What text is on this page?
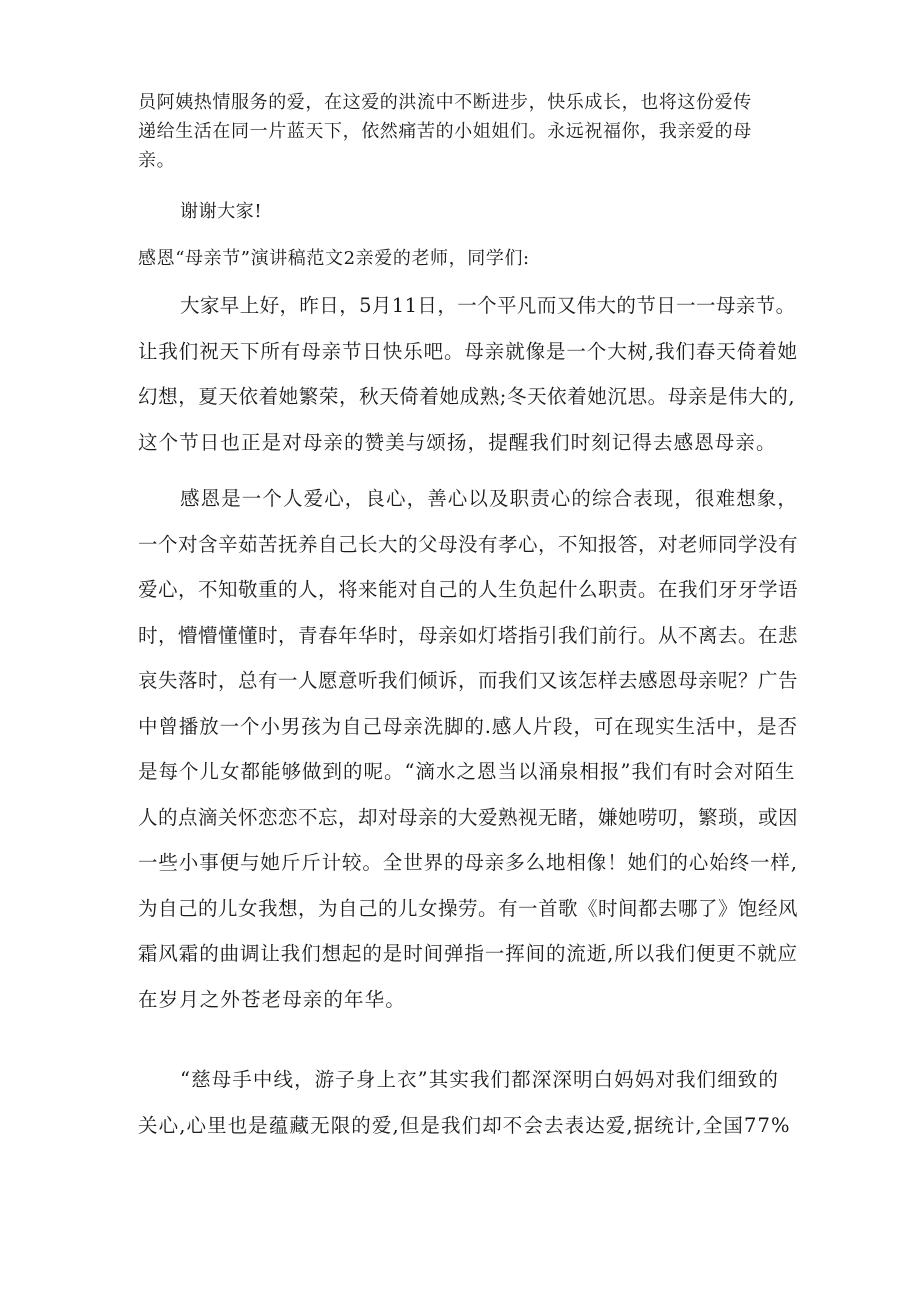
员阿姨热情服务的爱，在这爱的洪流中不断进步，快乐成长，也将这份爱传
递给生活在同一片蓝天下，依然痛苦的小姐姐们。永远祝福你，我亲爱的母
亲。
谢谢大家!
感恩“母亲节”演讲稿范文2亲爱的老师，同学们:
大家早上好，昨日，5月11日，一个平凡而又伟大的节日一一母亲节。
让我们祝天下所有母亲节日快乐吧。母亲就像是一个大树,我们春天倚着她
幻想，夏天依着她繁荣，秋天倚着她成熟;冬天依着她沉思。母亲是伟大的,
这个节日也正是对母亲的赞美与颂扬，提醒我们时刻记得去感恩母亲。
感恩是一个人爱心，良心，善心以及职责心的综合表现，很难想象，
一个对含辛茹苦抚养自己长大的父母没有孝心，不知报答，对老师同学没有
爱心，不知敬重的人，将来能对自己的人生负起什么职责。在我们牙牙学语
时，懵懵懂懂时，青春年华时，母亲如灯塔指引我们前行。从不离去。在悲
哀失落时，总有一人愿意听我们倾诉，而我们又该怎样去感恩母亲呢？广告
中曾播放一个小男孩为自己母亲洗脚的.感人片段，可在现实生活中，是否
是每个儿女都能够做到的呢。“滴水之恩当以涌泉相报”我们有时会对陌生
人的点滴关怀恋恋不忘，却对母亲的大爱熟视无睹，嫌她唠叨，繁琐，或因
一些小事便与她斤斤计较。全世界的母亲多么地相像！她们的心始终一样,
为自己的儿女我想，为自己的儿女操劳。有一首歌《时间都去哪了》饱经风
霜风霜的曲调让我们想起的是时间弹指一挥间的流逝,所以我们便更不就应
在岁月之外苍老母亲的年华。
“慈母手中线，游子身上衣”其实我们都深深明白妈妈对我们细致的
关心,心里也是蕴藏无限的爱,但是我们却不会去表达爱,据统计,全国77%
